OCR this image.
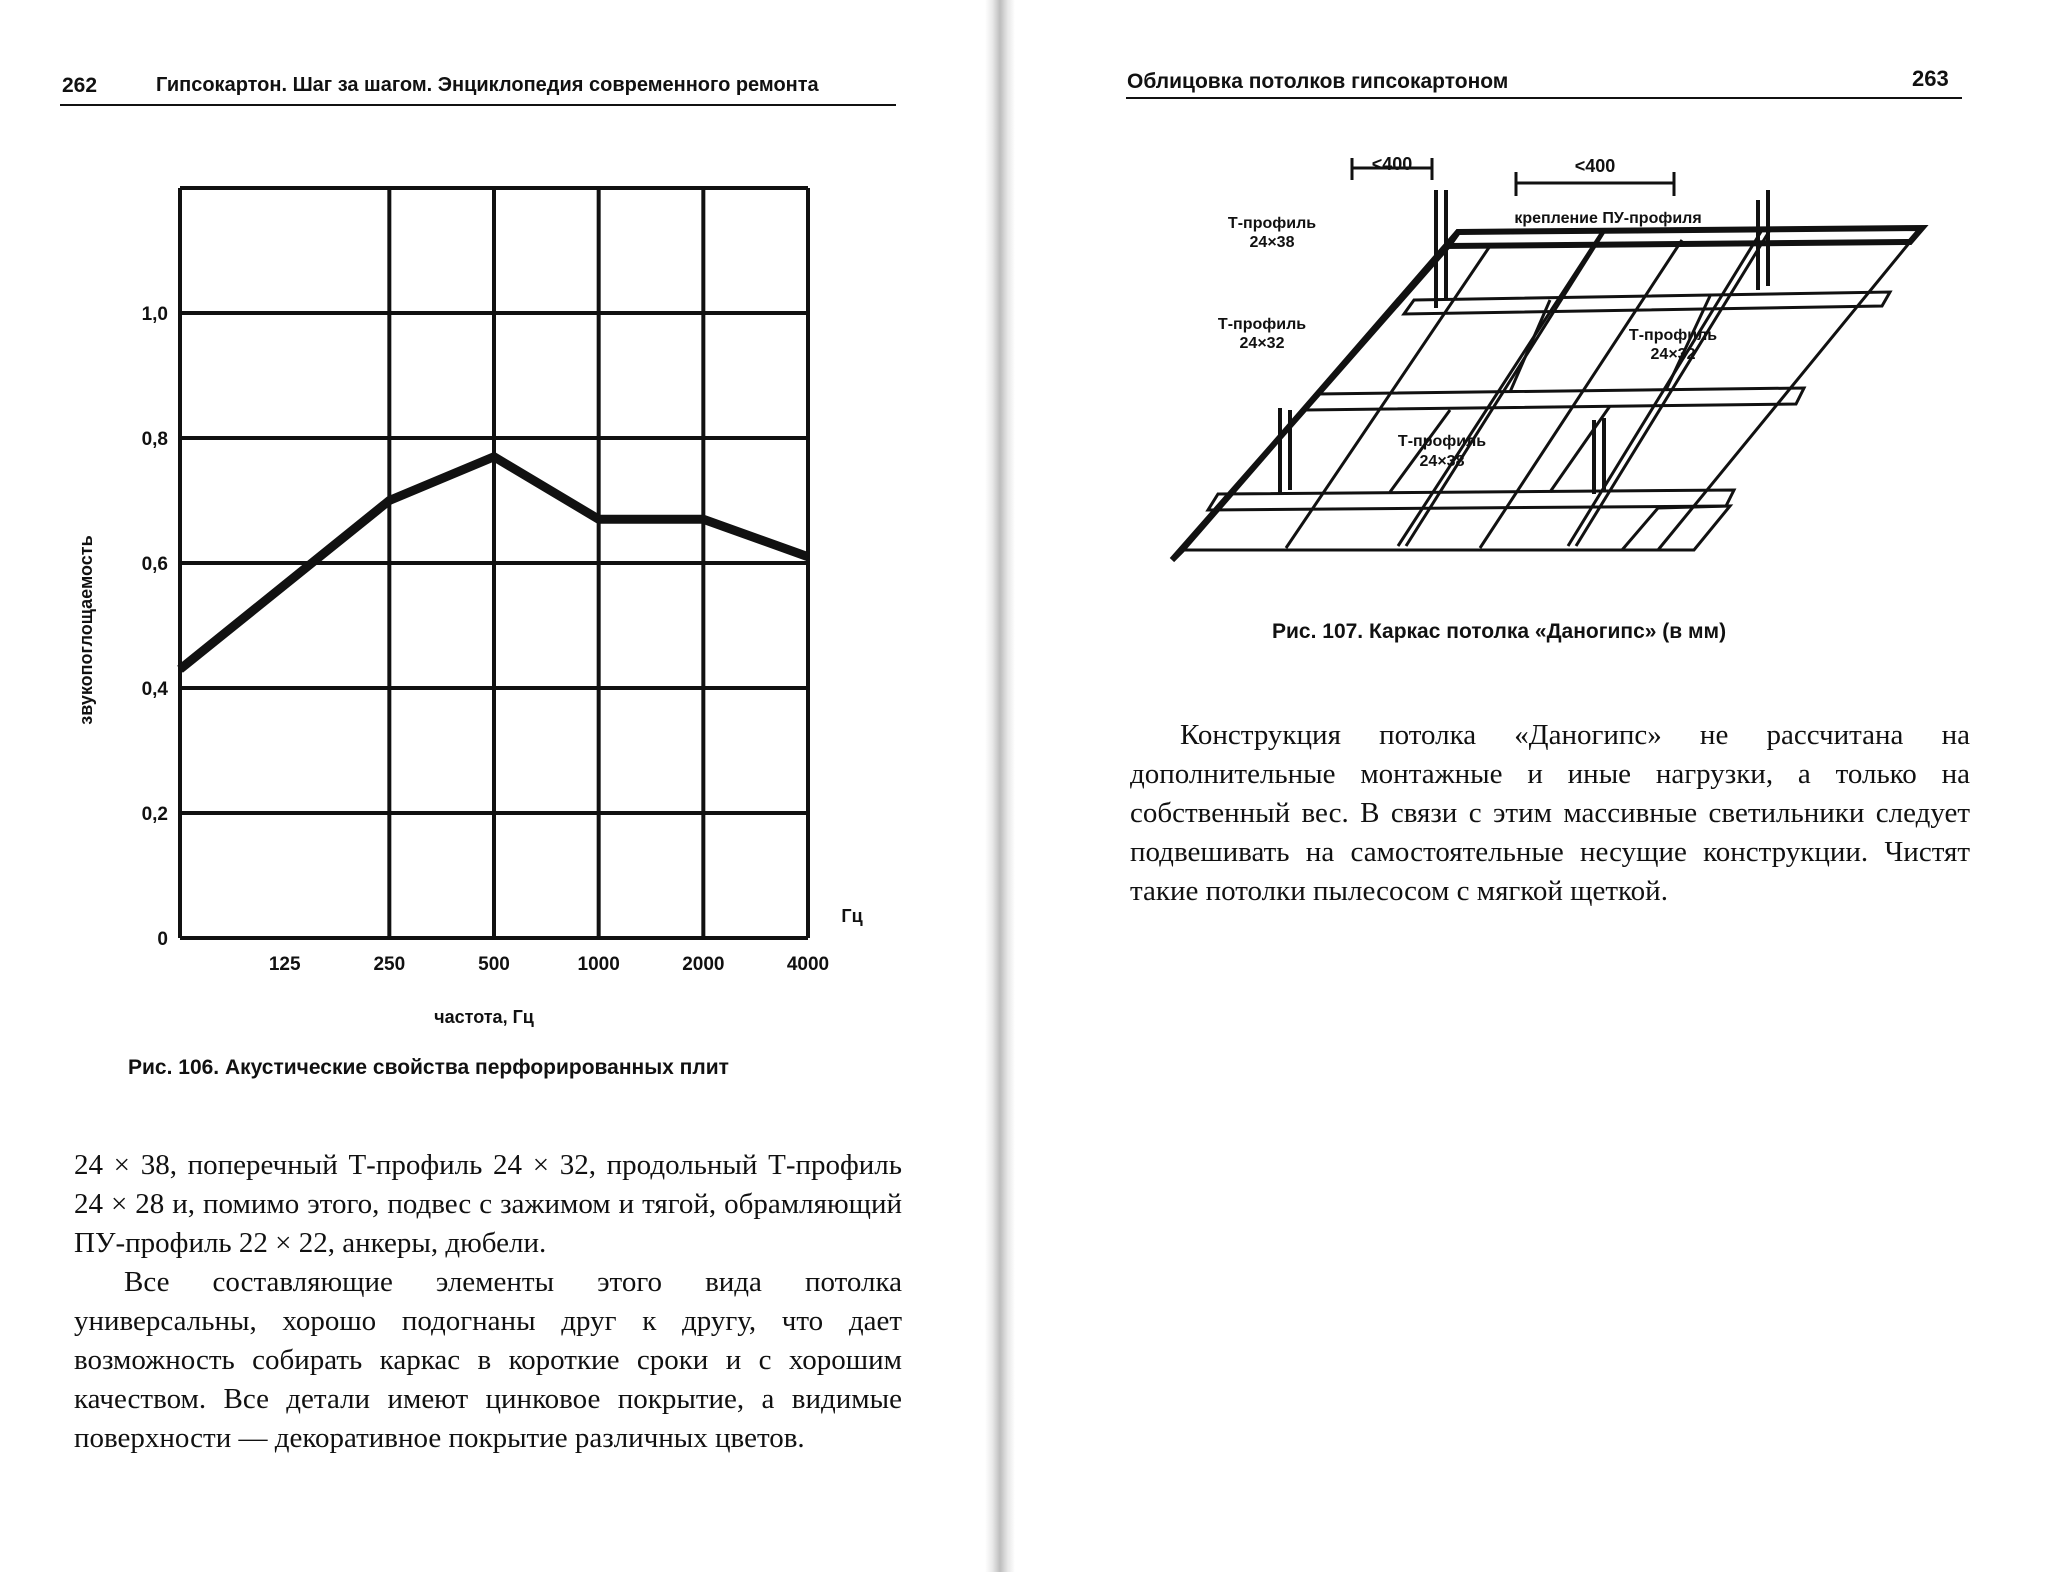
262	Гипсокартон. Шаг за шагом. Энциклопедия современного ремонта
0
0,2
0,4
0,6
0,8
1,0
125	250	500	1000	2000	4000
звукопоглощаемость
частота, Гц
Гц
Рис. 106. Акустические свойства перфорированных плит

24 × 38, поперечный Т-профиль 24 × 32, продольный Т-профиль 24 × 28 и, помимо этого, подвес с зажимом и тягой, обрамляющий ПУ-профиль 22 × 22, анкеры, дюбели.

Все составляющие элементы этого вида потолка универсальны, хорошо подогнаны друг к другу, что дает возможность собирать каркас в короткие сроки и с хорошим качеством. Все детали имеют цинковое покрытие, а видимые поверхности — декоративное покрытие различных цветов.

Облицовка потолков гипсокартоном	263
<400	<400
Т-профиль
24×38
крепление ПУ-профиля
Т-профиль
24×32	Т-профиль
24×32
Т-профиль
24×38
Рис. 107. Каркас потолка «Даногипс» (в мм)

Конструкция потолка «Даногипс» не рассчитана на дополнительные монтажные и иные нагрузки, а только на собственный вес. В связи с этим массивные светильники следует подвешивать на самостоятельные несущие конструкции. Чистят такие потолки пылесосом с мягкой щеткой.
